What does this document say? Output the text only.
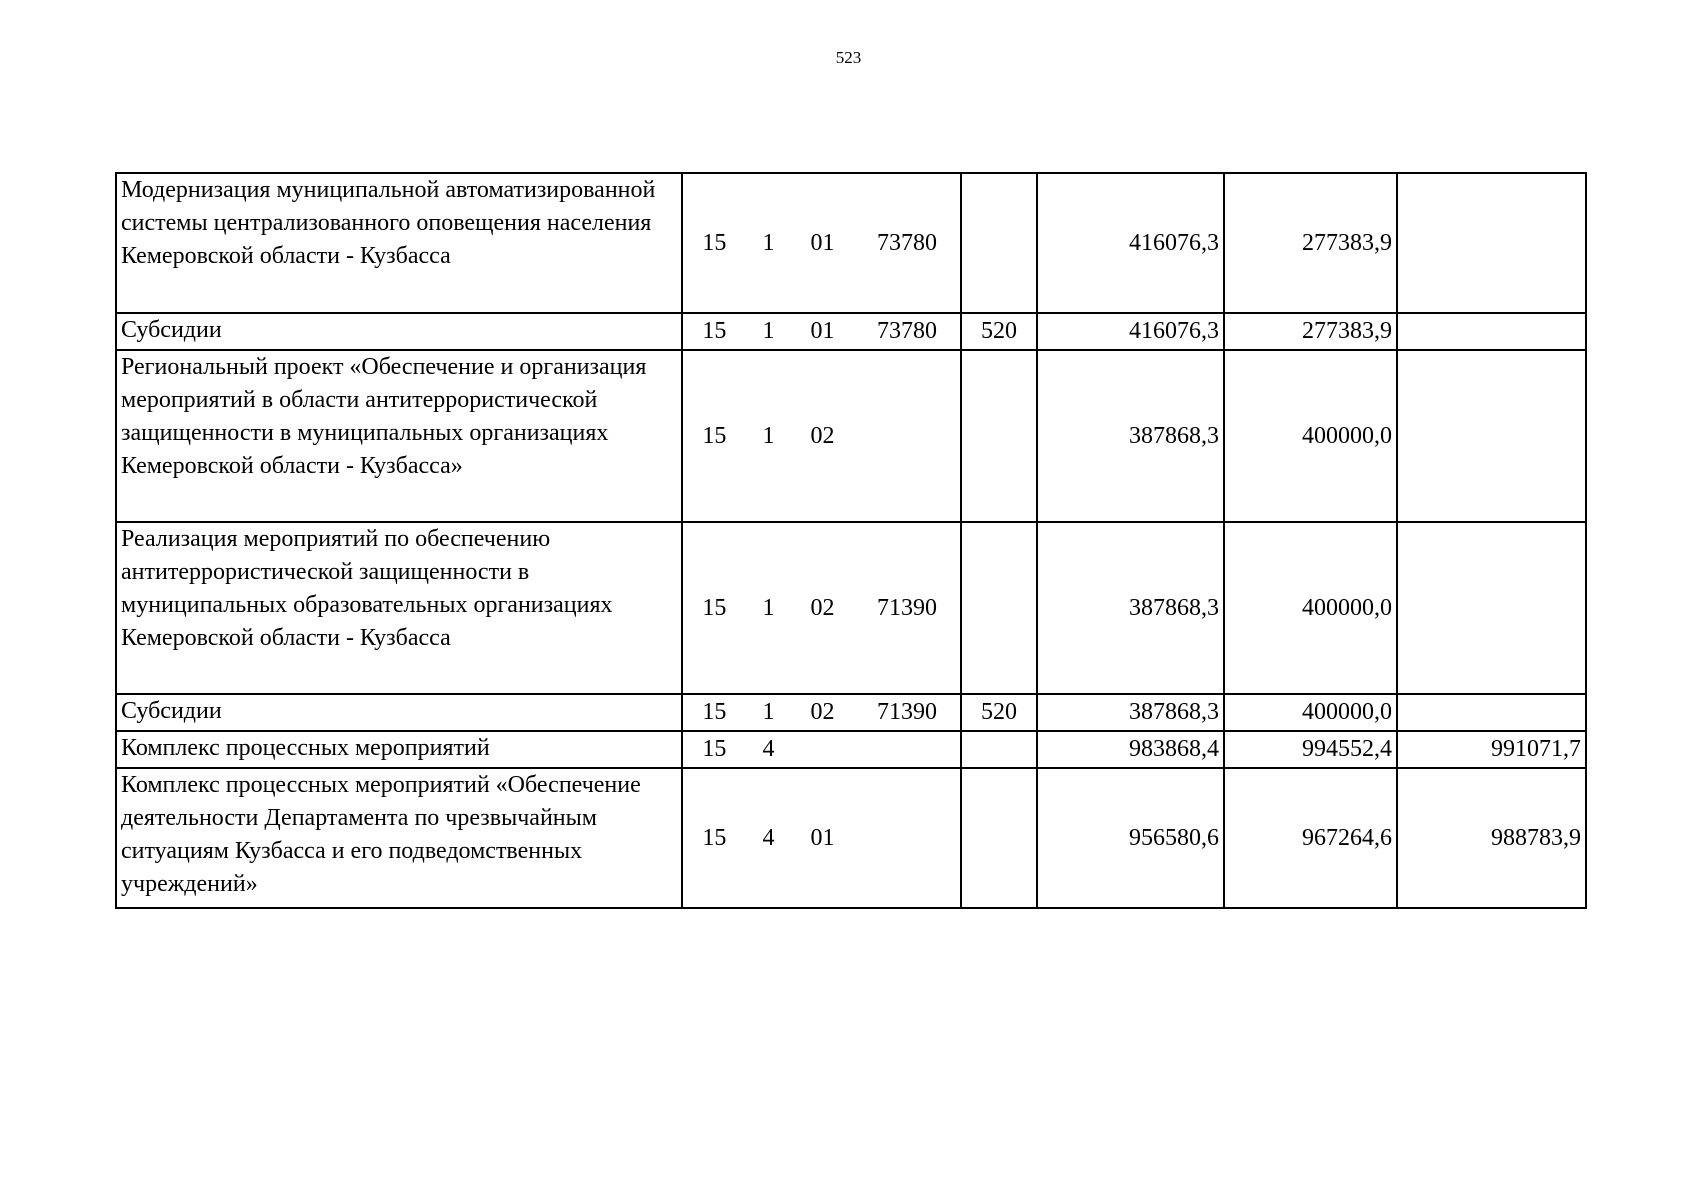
523
Модернизация муниципальной автоматизированной системы централизованного оповещения населения Кемеровской области - Кузбасса	15 1 01 73780		416076,3	277383,9	
Субсидии	15 1 01 73780	520	416076,3	277383,9	
Региональный проект «Обеспечение и организация мероприятий в области антитеррористической защищенности в муниципальных организациях Кемеровской области - Кузбасса»	15 1 02		387868,3	400000,0	
Реализация мероприятий по обеспечению антитеррористической защищенности в муниципальных образовательных организациях Кемеровской области - Кузбасса	15 1 02 71390		387868,3	400000,0	
Субсидии	15 1 02 71390	520	387868,3	400000,0	
Комплекс процессных мероприятий	15 4		983868,4	994552,4	991071,7
Комплекс процессных мероприятий «Обеспечение деятельности Департамента по чрезвычайным ситуациям Кузбасса и его подведомственных учреждений»	15 4 01		956580,6	967264,6	988783,9
